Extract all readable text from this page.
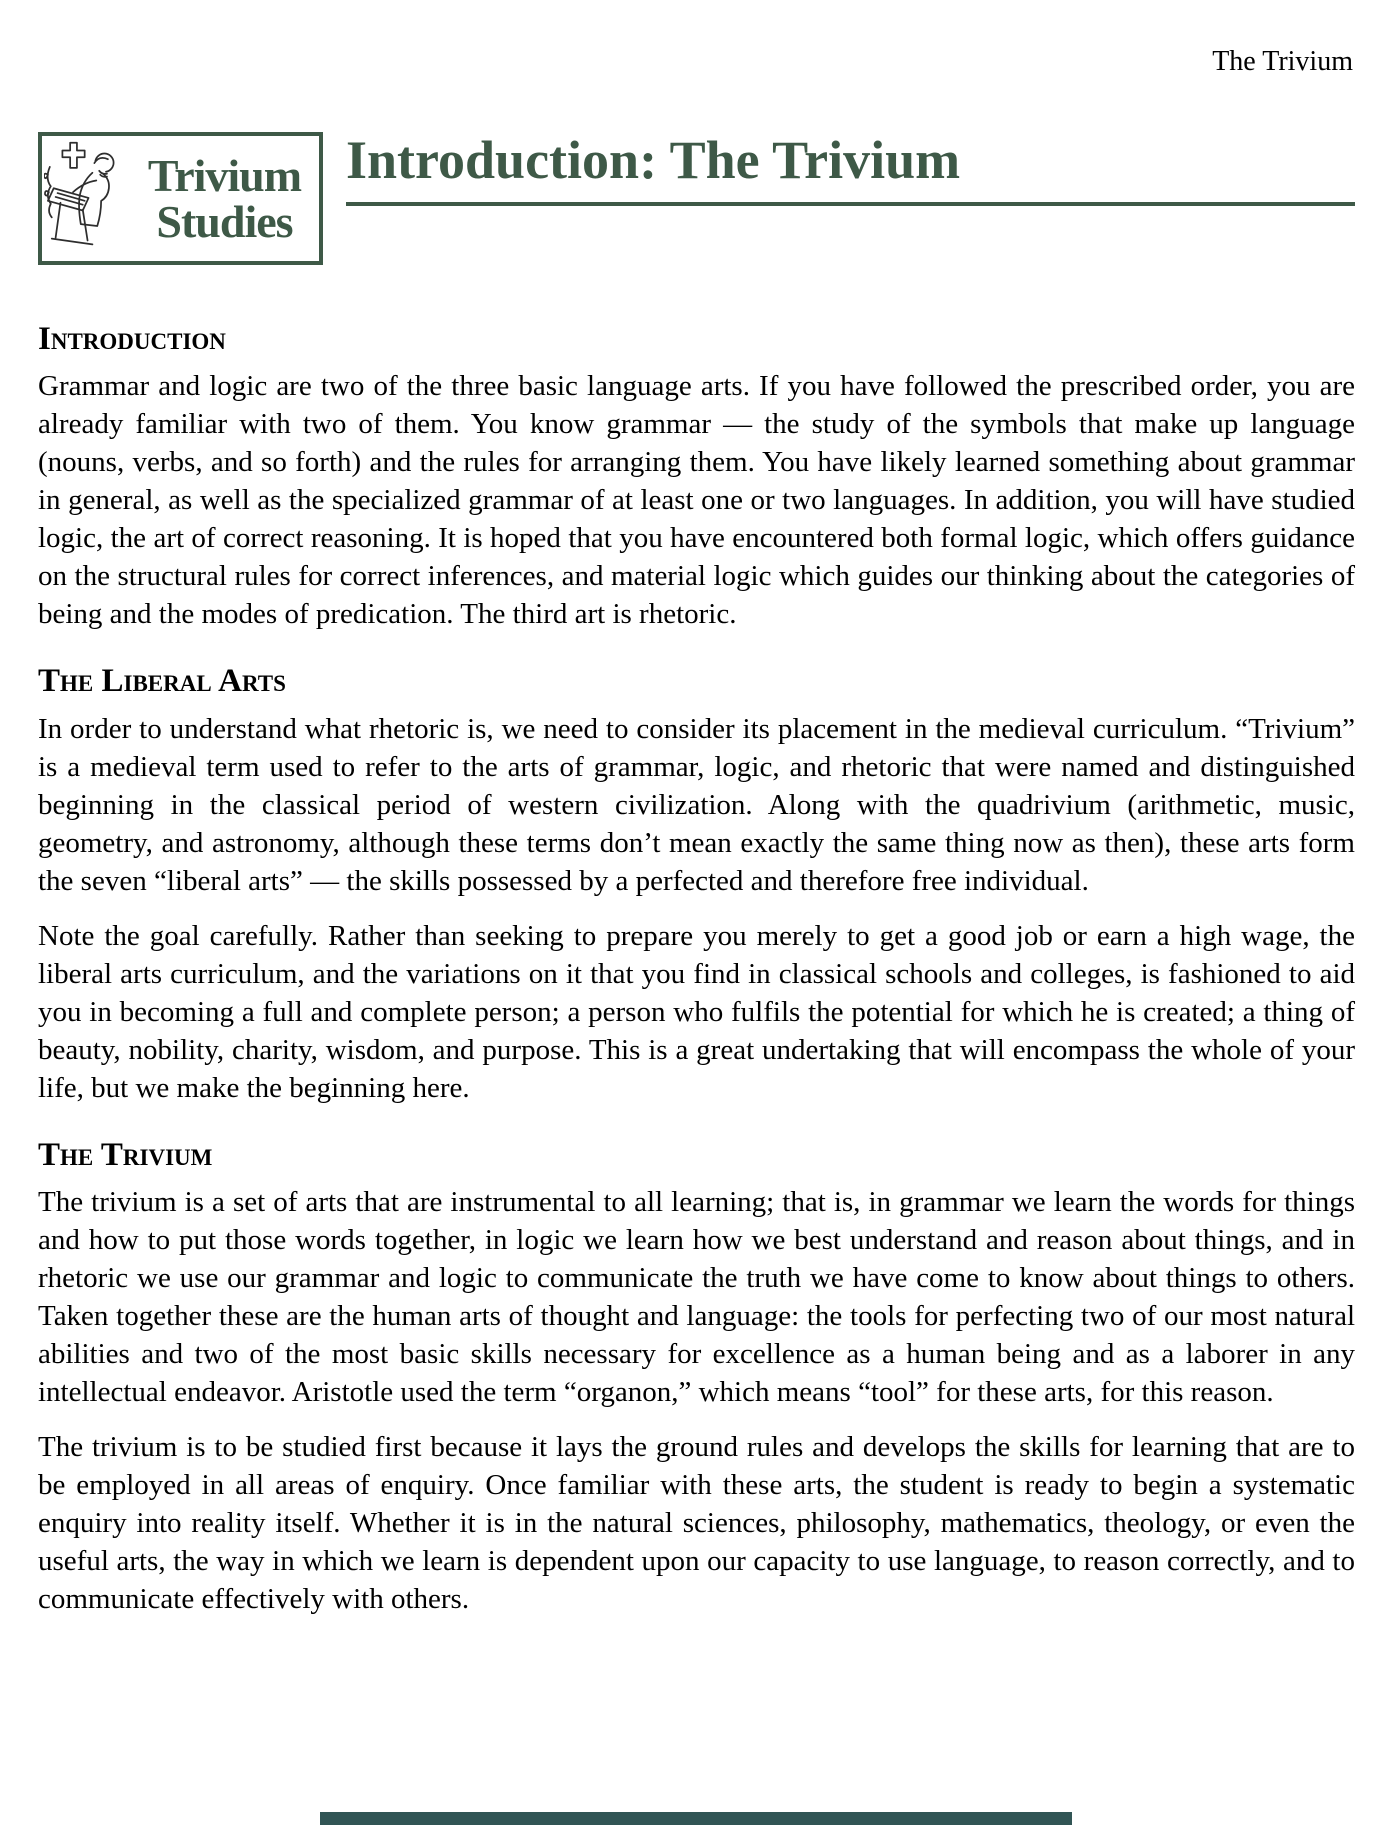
The Trivium
Trivium
Studies
Introduction: The Trivium
Introduction

Grammar and logic are two of the three basic language arts. If you have followed the prescribed order, you are already familiar with two of them. You know grammar — the study of the symbols that make up language (nouns, verbs, and so forth) and the rules for arranging them. You have likely learned something about grammar in general, as well as the specialized grammar of at least one or two languages. In addition, you will have studied logic, the art of correct reasoning. It is hoped that you have encountered both formal logic, which offers guidance on the structural rules for correct inferences, and material logic which guides our thinking about the categories of being and the modes of predication. The third art is rhetoric.

The Liberal Arts

In order to understand what rhetoric is, we need to consider its placement in the medieval curriculum. “Trivium” is a medieval term used to refer to the arts of grammar, logic, and rhetoric that were named and distinguished beginning in the classical period of western civilization. Along with the quadrivium (arithmetic, music, geometry, and astronomy, although these terms don’t mean exactly the same thing now as then), these arts form the seven “liberal arts” — the skills possessed by a perfected and therefore free individual.

Note the goal carefully. Rather than seeking to prepare you merely to get a good job or earn a high wage, the liberal arts curriculum, and the variations on it that you find in classical schools and colleges, is fashioned to aid you in becoming a full and complete person; a person who fulfils the potential for which he is created; a thing of beauty, nobility, charity, wisdom, and purpose. This is a great undertaking that will encompass the whole of your life, but we make the beginning here.

The Trivium

The trivium is a set of arts that are instrumental to all learning; that is, in grammar we learn the words for things and how to put those words together, in logic we learn how we best understand and reason about things, and in rhetoric we use our grammar and logic to communicate the truth we have come to know about things to others. Taken together these are the human arts of thought and language: the tools for perfecting two of our most natural abilities and two of the most basic skills necessary for excellence as a human being and as a laborer in any intellectual endeavor. Aristotle used the term “organon,” which means “tool” for these arts, for this reason.

The trivium is to be studied first because it lays the ground rules and develops the skills for learning that are to be employed in all areas of enquiry. Once familiar with these arts, the student is ready to begin a systematic enquiry into reality itself. Whether it is in the natural sciences, philosophy, mathematics, theology, or even the useful arts, the way in which we learn is dependent upon our capacity to use language, to reason correctly, and to communicate effectively with others.
